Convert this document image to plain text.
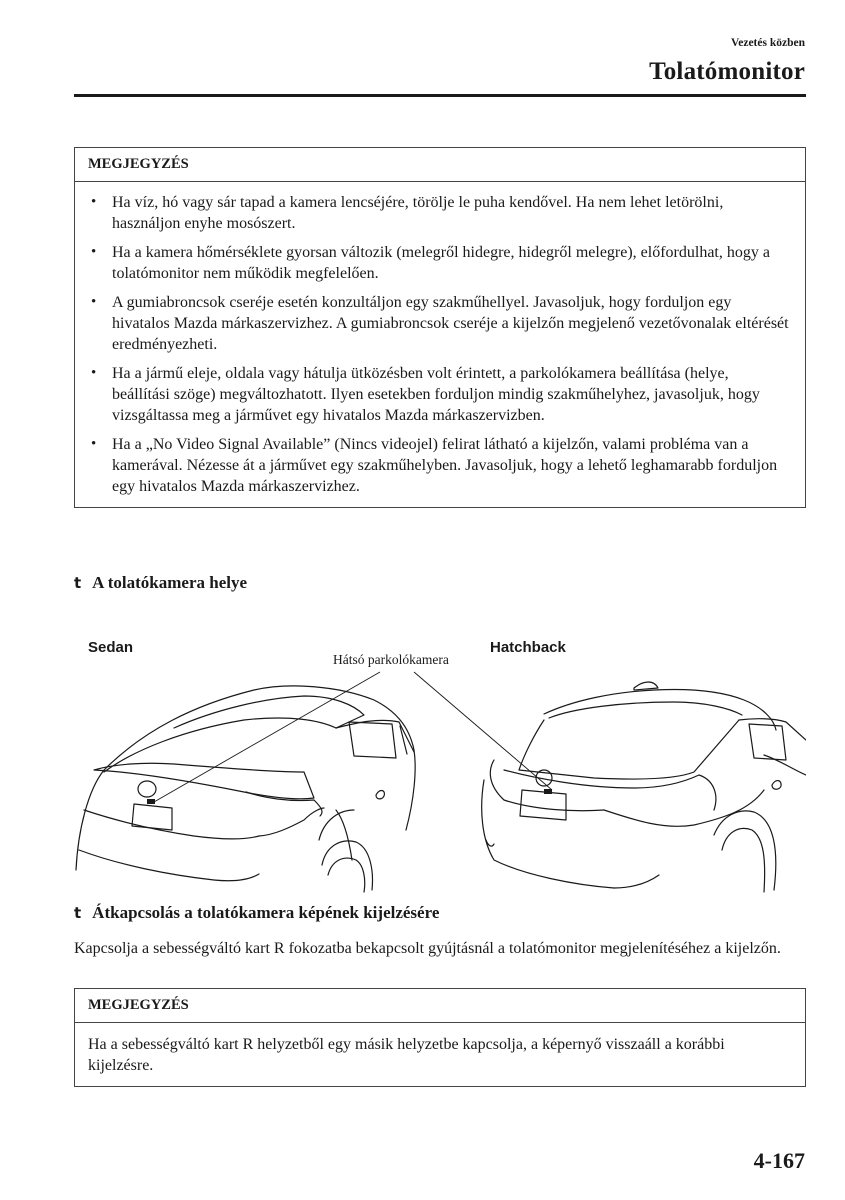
Vezetés közben
Tolatómonitor
MEGJEGYZÉS
• Ha víz, hó vagy sár tapad a kamera lencséjére, törölje le puha kendővel. Ha nem lehet letörölni, használjon enyhe mosószert.
• Ha a kamera hőmérséklete gyorsan változik (melegről hidegre, hidegről melegre), előfordulhat, hogy a tolatómonitor nem működik megfelelően.
• A gumiabroncsok cseréje esetén konzultáljon egy szakműhellyel. Javasoljuk, hogy forduljon egy hivatalos Mazda márkaszervizhez. A gumiabroncsok cseréje a kijelzőn megjelenő vezetővonalak eltérését eredményezheti.
• Ha a jármű eleje, oldala vagy hátulja ütközésben volt érintett, a parkolókamera beállítása (helye, beállítási szöge) megváltozhatott. Ilyen esetekben forduljon mindig szakműhelyhez, javasoljuk, hogy vizsgáltassa meg a járművet egy hivatalos Mazda márkaszervizben.
• Ha a „No Video Signal Available” (Nincs videojel) felirat látható a kijelzőn, valami probléma van a kamerával. Nézesse át a járművet egy szakműhelyben. Javasoljuk, hogy a lehető leghamarabb forduljon egy hivatalos Mazda márkaszervizhez.
t A tolatókamera helye
Sedan	Hatchback
Hátsó parkolókamera
t Átkapcsolás a tolatókamera képének kijelzésére
Kapcsolja a sebességváltó kart R fokozatba bekapcsolt gyújtásnál a tolatómonitor megjelenítéséhez a kijelzőn.
MEGJEGYZÉS
Ha a sebességváltó kart R helyzetből egy másik helyzetbe kapcsolja, a képernyő visszaáll a korábbi kijelzésre.
4-167
